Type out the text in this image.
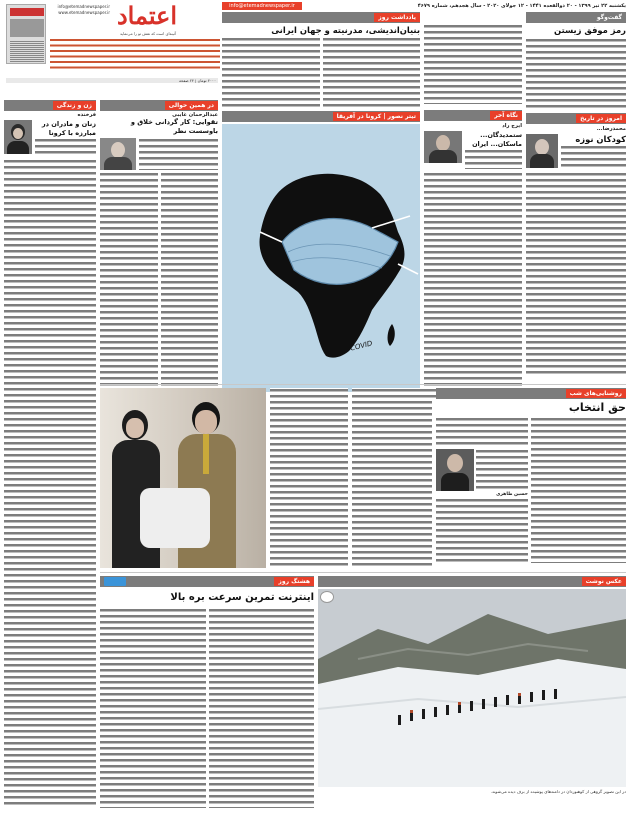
info@etemadnewspaper.ir
www.etemadnewspaper.ir اعتماد
آئینه‌ای است که نقش تو را می‌نماید
۴۰۰۰ تومان | ۲۴ صفحه
یکشنبه ۲۲ تیر ۱۳۹۹ - ۲۰ ذوالقعده ۱۴۴۱ - ۱۲ جولای ۲۰۲۰ - سال هجدهم، شماره ۴۶۷۹
info@etemadnewspaper.ir
گفت‌وگو
رمز موفق زیستن
امروز در تاریخ
محمدرضا...
کودکان نوزه
نگاه آخر
ایرج راد
ستمدیدگان... ماسکان... ایران
یادداشت روز
بنیان‌اندیشی، مدرنیته و جهان ایرانی
تیتر نصور | کرونا در آفریقا
COVID
در همین حوالی
عبدالرحمان غایبی
تقوایی: کار گردانی خلاق و باوسست نظر
زن و زندگی
فرخنده
زنان و مادران در مبارزه با کرونا
روشنایی‌های شب
حق انتخاب
حسین طاهری
هشتگ روز
اینترنت تمرین سرعت بره بالا
عکس نوشت
در این تصویر گروهی از کوهنوردان در دامنه‌های پوشیده از برف دیده می‌شوند.
